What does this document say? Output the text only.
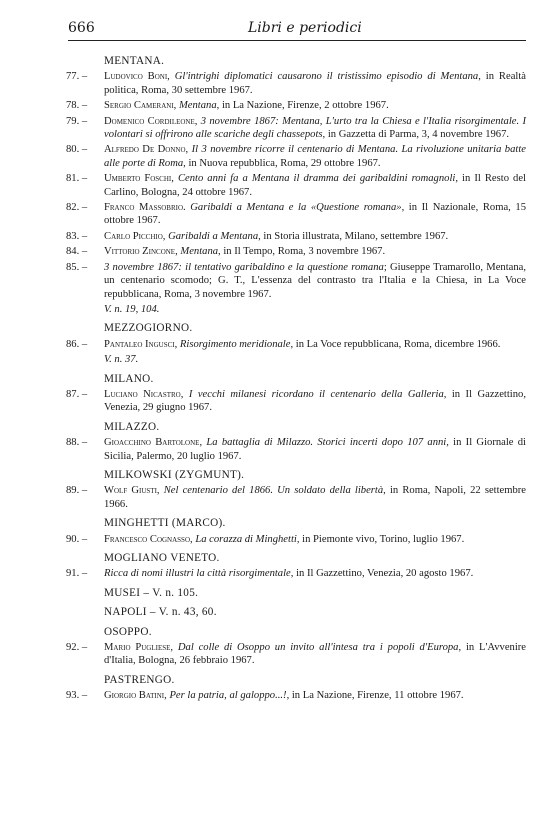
666	Libri e periodici
MENTANA.
77. –	Ludovico Boni, Gl'intrighi diplomatici causarono il tristissimo episodio di Mentana, in Realtà politica, Roma, 30 settembre 1967.
78. –	Sergio Camerani, Mentana, in La Nazione, Firenze, 2 ottobre 1967.
79. –	Domenico Cordileone, 3 novembre 1867: Mentana, L'urto tra la Chiesa e l'Italia risorgimentale. I volontari si offrirono alle scariche degli chassepots, in Gazzetta di Parma, 3, 4 novembre 1967.
80. –	Alfredo De Donno, Il 3 novembre ricorre il centenario di Mentana. La rivoluzione unitaria batte alle porte di Roma, in Nuova repubblica, Roma, 29 ottobre 1967.
81. –	Umberto Foschi, Cento anni fa a Mentana il dramma dei garibaldini romagnoli, in Il Resto del Carlino, Bologna, 24 ottobre 1967.
82. –	Franco Massobrio. Garibaldi a Mentana e la «Questione romana», in Il Nazionale, Roma, 15 ottobre 1967.
83. –	Carlo Picchio, Garibaldi a Mentana, in Storia illustrata, Milano, settembre 1967.
84. –	Vittorio Zincone, Mentana, in Il Tempo, Roma, 3 novembre 1967.
85. –	3 novembre 1867: il tentativo garibaldino e la questione romana; Giuseppe Tramarollo, Mentana, un centenario scomodo; G. T., L'essenza del contrasto tra l'Italia e la Chiesa, in La Voce repubblicana, Roma, 3 novembre 1967.
V. n. 19, 104.
MEZZOGIORNO.
86. –	Pantaleo Ingusci, Risorgimento meridionale, in La Voce repubblicana, Roma, dicembre 1966.
V. n. 37.
MILANO.
87. –	Luciano Nicastro, I vecchi milanesi ricordano il centenario della Galleria, in Il Gazzettino, Venezia, 29 giugno 1967.
MILAZZO.
88. –	Gioacchino Bartolone, La battaglia di Milazzo. Storici incerti dopo 107 anni, in Il Giornale di Sicilia, Palermo, 20 luglio 1967.
MILKOWSKI (ZYGMUNT).
89. –	Wolf Giusti, Nel centenario del 1866. Un soldato della libertà, in Roma, Napoli, 22 settembre 1966.
MINGHETTI (MARCO).
90. –	Francesco Cognasso, La corazza di Minghetti, in Piemonte vivo, Torino, luglio 1967.
MOGLIANO VENETO.
91. –	Ricca di nomi illustri la città risorgimentale, in Il Gazzettino, Venezia, 20 agosto 1967.
MUSEI – V. n. 105.
NAPOLI – V. n. 43, 60.
OSOPPO.
92. –	Mario Pugliese, Dal colle di Osoppo un invito all'intesa tra i popoli d'Europa, in L'Avvenire d'Italia, Bologna, 26 febbraio 1967.
PASTRENGO.
93. –	Giorgio Batini, Per la patria, al galoppo...!, in La Nazione, Firenze, 11 ottobre 1967.
